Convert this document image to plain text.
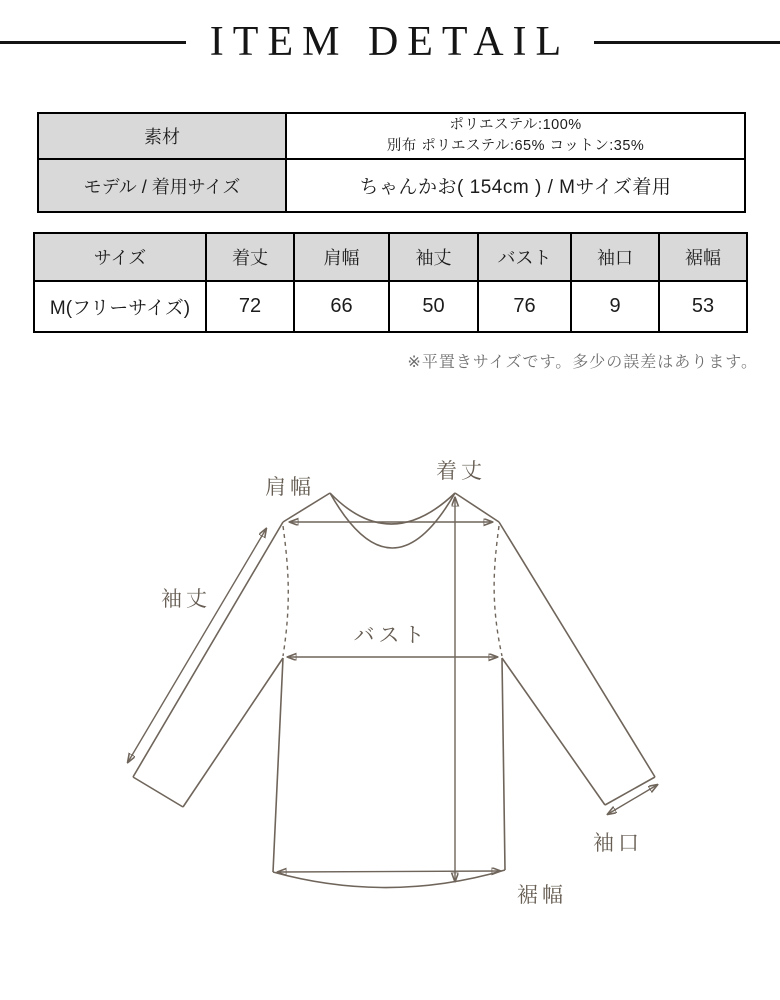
ITEM DETAIL
素材	ポリエステル:100%
別布 ポリエステル:65% コットン:35%

モデル / 着用サイズ	ちゃんかお( 154cm ) / Mサイズ着用
サイズ	着丈	肩幅	袖丈	バスト	袖口	裾幅
M(フリーサイズ)	72	66	50	76	9	53
※平置きサイズです。多少の誤差はあります。
着丈
肩幅
袖丈
バスト
袖口
裾幅
